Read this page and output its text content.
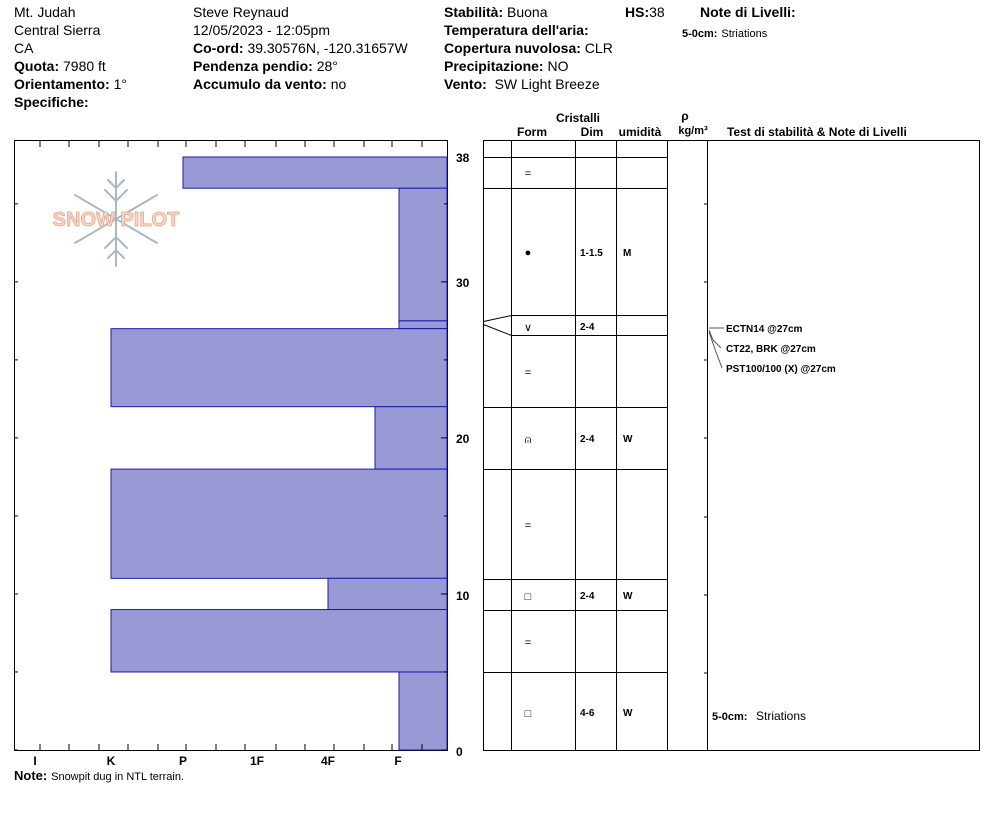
Mt. Judah
Central Sierra
CA
Quota: 7980 ft
Orientamento: 1°
Specifiche:
Steve Reynaud
12/05/2023 - 12:05pm
Co-ord: 39.30576N, -120.31657W
Pendenza pendio: 28°
Accumulo da vento: no
Stabilità: Buona
Temperatura dell'aria:
Copertura nuvolosa: CLR
Precipitazione: NO
Vento: SW Light Breeze
HS:38	Note di Livelli:
5-0cm: Striations
SNOW PILOT
I	K	P	1F	4F	F
38
30
20
10
0
Cristalli
Form	Dim umidità
ρ
kg/m³ Test di stabilità & Note di Livelli
=
●	1-1.5 M
∨	2-4
=
⍝	2-4	W
=
□	2-4	W
=
□	4-6	W
ECTN14 @27cm
CT22, BRK @27cm
PST100/100 (X) @27cm
5-0cm: Striations
Note: Snowpit dug in NTL terrain.
